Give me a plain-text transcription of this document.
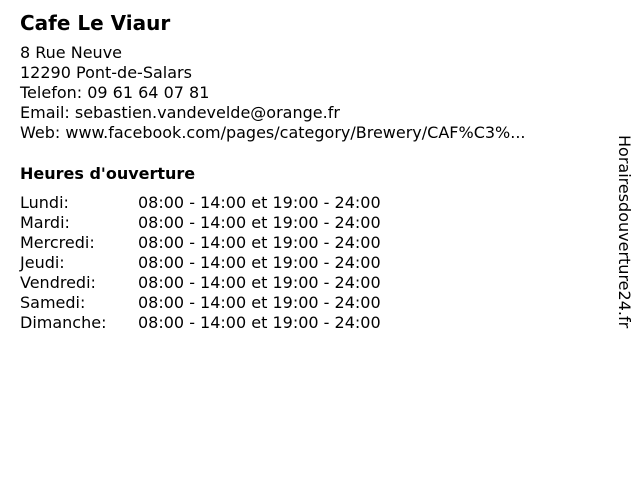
Cafe Le Viaur
8 Rue Neuve
12290 Pont-de-Salars
Telefon: 09 61 64 07 81
Email: sebastien.vandevelde@orange.fr
Web: www.facebook.com/pages/category/Brewery/CAF%C3%...
Heures d'ouverture
Lundi:	08:00 - 14:00 et 19:00 - 24:00
Mardi:	08:00 - 14:00 et 19:00 - 24:00
Mercredi:	08:00 - 14:00 et 19:00 - 24:00
Jeudi:	08:00 - 14:00 et 19:00 - 24:00
Vendredi:	08:00 - 14:00 et 19:00 - 24:00
Samedi:	08:00 - 14:00 et 19:00 - 24:00
Dimanche:	08:00 - 14:00 et 19:00 - 24:00	Horairesdouverture24.fr
